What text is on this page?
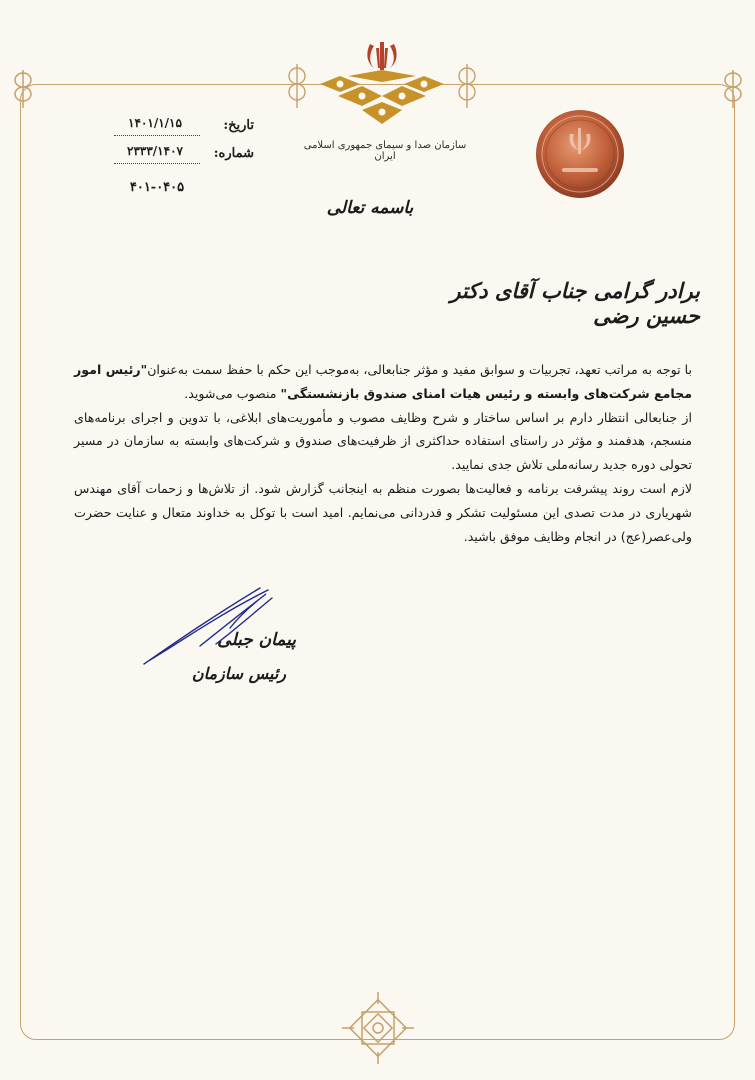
سازمان صدا و سیمای جمهوری اسلامی ایران
تاریخ:
۱۴۰۱/۱/۱۵
شماره:
۲۳۳۳/۱۴۰۷
۴۰۱-۰۴۰۵
باسمه تعالی
برادر گرامی جناب آقای دکتر حسین رضی

با توجه به مراتب تعهد، تجربیات و سوابق مفید و مؤثر جنابعالی، به‌موجب این حکم با حفظ سمت به‌عنوان"رئیس امور مجامع شرکت‌های وابسته و رئیس هیات امنای صندوق بازنشستگی" منصوب می‌شوید.

از جنابعالی انتظار دارم بر اساس ساختار و شرح وظایف مصوب و مأموریت‌های ابلاغی، با تدوین و اجرای برنامه‌های منسجم، هدفمند و مؤثر در راستای استفاده حداکثری از ظرفیت‌های صندوق و شرکت‌های وابسته به سازمان در مسیر تحولی دوره جدید رسانه‌ملی تلاش جدی نمایید.

لازم است روند پیشرفت برنامه و فعالیت‌ها بصورت منظم به اینجانب گزارش شود. از تلاش‌ها و زحمات آقای مهندس شهریاری در مدت تصدی این مسئولیت تشکر و قدردانی می‌نمایم. امید است با توکل به خداوند متعال و عنایت حضرت ولی‌عصر(عج) در انجام وظایف موفق باشید.

پیمان جبلی
رئیس سازمان
